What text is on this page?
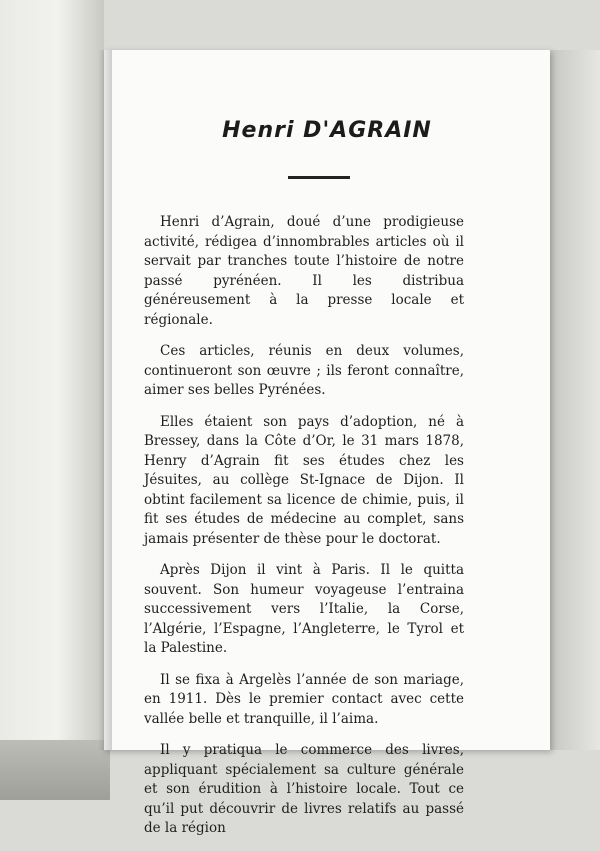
Henri D'AGRAIN

Henri d’Agrain, doué d’une prodigieuse activité, rédigea d’innombrables articles où il servait par tranches toute l’histoire de notre passé pyrénéen. Il les distribua généreusement à la presse locale et régionale.

Ces articles, réunis en deux volumes, continueront son œuvre ; ils feront connaître, aimer ses belles Pyrénées.

Elles étaient son pays d’adoption, né à Bressey, dans la Côte d’Or, le 31 mars 1878, Henry d’Agrain fit ses études chez les Jésuites, au collège St-Ignace de Dijon. Il obtint facilement sa licence de chimie, puis, il fit ses études de médecine au complet, sans jamais présenter de thèse pour le doctorat.

Après Dijon il vint à Paris. Il le quitta souvent. Son humeur voyageuse l’entraina successivement vers l’Italie, la Corse, l’Algérie, l’Espagne, l’Angleterre, le Tyrol et la Palestine.

Il se fixa à Argelès l’année de son mariage, en 1911. Dès le premier contact avec cette vallée belle et tranquille, il l’aima.

Il y pratiqua le commerce des livres, appliquant spécialement sa culture générale et son érudition à l’histoire locale. Tout ce qu’il put découvrir de livres relatifs au passé de la région
